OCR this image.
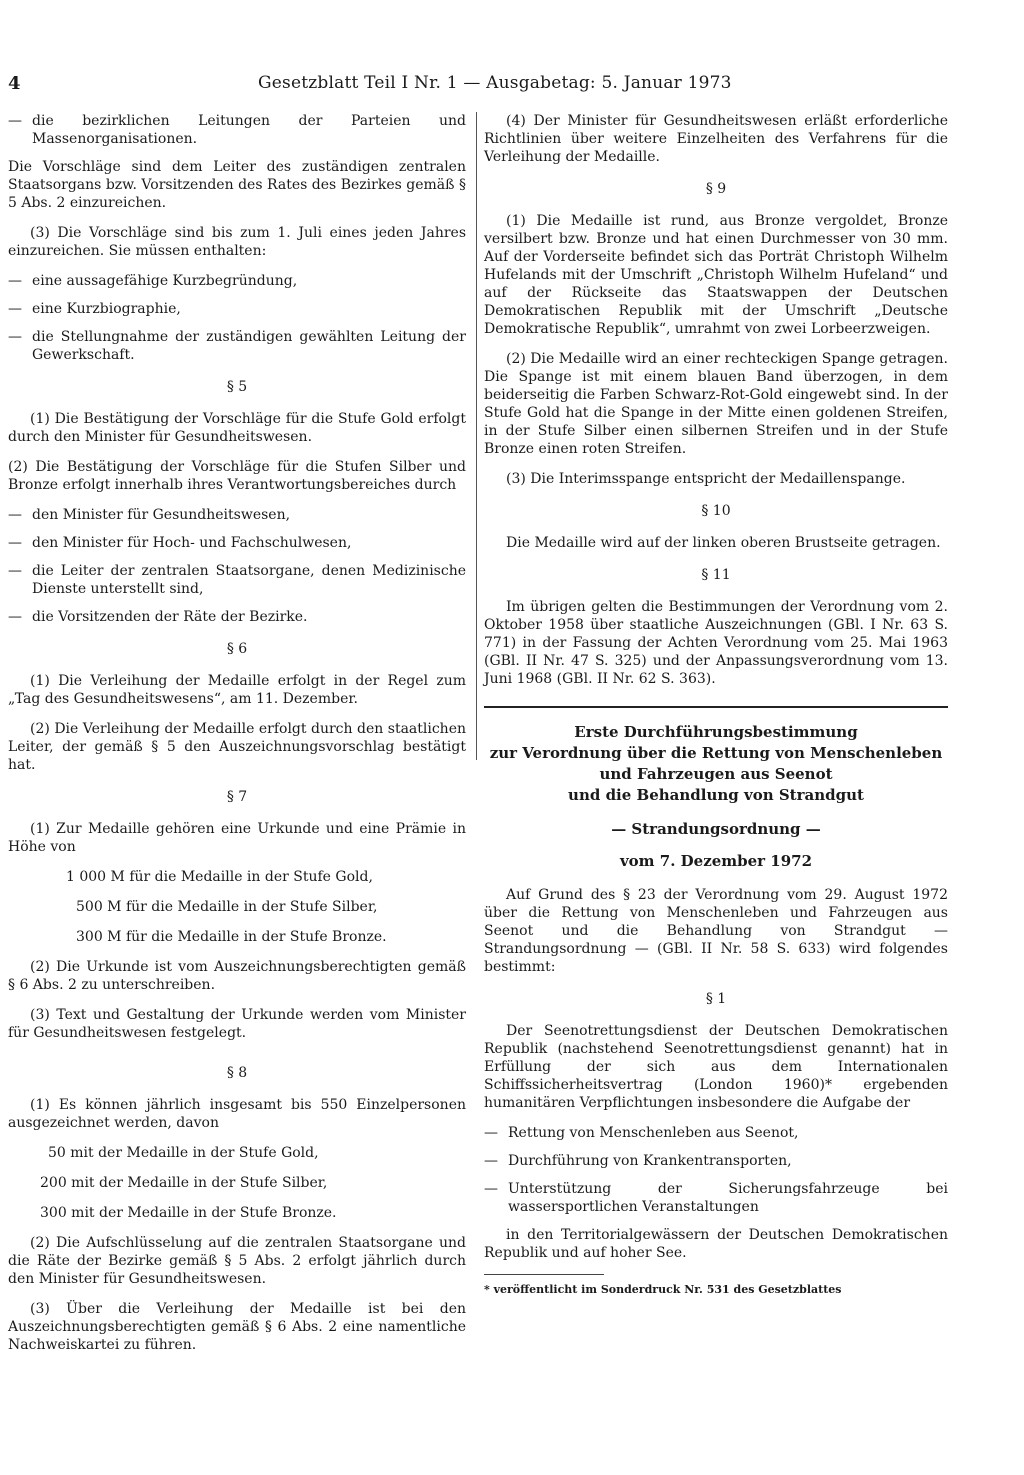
4	Gesetzblatt Teil I Nr. 1 — Ausgabetag: 5. Januar 1973
— die bezirklichen Leitungen der Parteien und Massenorganisationen.

Die Vorschläge sind dem Leiter des zuständigen zentralen Staatsorgans bzw. Vorsitzenden des Rates des Bezirkes gemäß § 5 Abs. 2 einzureichen.

(3) Die Vorschläge sind bis zum 1. Juli eines jeden Jahres einzureichen. Sie müssen enthalten:

— eine aussagefähige Kurzbegründung,
— eine Kurzbiographie,
— die Stellungnahme der zuständigen gewählten Leitung der Gewerkschaft.

§ 5

(1) Die Bestätigung der Vorschläge für die Stufe Gold erfolgt durch den Minister für Gesundheitswesen.

(2) Die Bestätigung der Vorschläge für die Stufen Silber und Bronze erfolgt innerhalb ihres Verantwortungsbereiches durch

— den Minister für Gesundheitswesen,
— den Minister für Hoch- und Fachschulwesen,
— die Leiter der zentralen Staatsorgane, denen Medizinische Dienste unterstellt sind,
— die Vorsitzenden der Räte der Bezirke.

§ 6

(1) Die Verleihung der Medaille erfolgt in der Regel zum „Tag des Gesundheitswesens“, am 11. Dezember.

(2) Die Verleihung der Medaille erfolgt durch den staatlichen Leiter, der gemäß § 5 den Auszeichnungsvorschlag bestätigt hat.

§ 7

(1) Zur Medaille gehören eine Urkunde und eine Prämie in Höhe von

1 000 M für die Medaille in der Stufe Gold,

500 M für die Medaille in der Stufe Silber,

300 M für die Medaille in der Stufe Bronze.

(2) Die Urkunde ist vom Auszeichnungsberechtigten gemäß § 6 Abs. 2 zu unterschreiben.

(3) Text und Gestaltung der Urkunde werden vom Minister für Gesundheitswesen festgelegt.

§ 8

(1) Es können jährlich insgesamt bis 550 Einzelpersonen ausgezeichnet werden, davon

50 mit der Medaille in der Stufe Gold,

200 mit der Medaille in der Stufe Silber,

300 mit der Medaille in der Stufe Bronze.

(2) Die Aufschlüsselung auf die zentralen Staatsorgane und die Räte der Bezirke gemäß § 5 Abs. 2 erfolgt jährlich durch den Minister für Gesundheitswesen.

(3) Über die Verleihung der Medaille ist bei den Auszeichnungsberechtigten gemäß § 6 Abs. 2 eine namentliche Nachweiskartei zu führen.

(4) Der Minister für Gesundheitswesen erläßt erforderliche Richtlinien über weitere Einzelheiten des Verfahrens für die Verleihung der Medaille.

§ 9

(1) Die Medaille ist rund, aus Bronze vergoldet, Bronze versilbert bzw. Bronze und hat einen Durchmesser von 30 mm. Auf der Vorderseite befindet sich das Porträt Christoph Wilhelm Hufelands mit der Umschrift „Christoph Wilhelm Hufeland“ und auf der Rückseite das Staatswappen der Deutschen Demokratischen Republik mit der Umschrift „Deutsche Demokratische Republik“, umrahmt von zwei Lorbeerzweigen.

(2) Die Medaille wird an einer rechteckigen Spange getragen. Die Spange ist mit einem blauen Band überzogen, in dem beiderseitig die Farben Schwarz-Rot-Gold eingewebt sind. In der Stufe Gold hat die Spange in der Mitte einen goldenen Streifen, in der Stufe Silber einen silbernen Streifen und in der Stufe Bronze einen roten Streifen.

(3) Die Interimsspange entspricht der Medaillenspange.

§ 10

Die Medaille wird auf der linken oberen Brustseite getragen.

§ 11

Im übrigen gelten die Bestimmungen der Verordnung vom 2. Oktober 1958 über staatliche Auszeichnungen (GBl. I Nr. 63 S. 771) in der Fassung der Achten Verordnung vom 25. Mai 1963 (GBl. II Nr. 47 S. 325) und der Anpassungsverordnung vom 13. Juni 1968 (GBl. II Nr. 62 S. 363).

Erste Durchführungsbestimmung

zur Verordnung über die Rettung von Menschenleben

und Fahrzeugen aus Seenot

und die Behandlung von Strandgut

— Strandungsordnung —

vom 7. Dezember 1972

Auf Grund des § 23 der Verordnung vom 29. August 1972 über die Rettung von Menschenleben und Fahrzeugen aus Seenot und die Behandlung von Strandgut — Strandungsordnung — (GBl. II Nr. 58 S. 633) wird folgendes bestimmt:

§ 1

Der Seenotrettungsdienst der Deutschen Demokratischen Republik (nachstehend Seenotrettungsdienst genannt) hat in Erfüllung der sich aus dem Internationalen Schiffssicherheitsvertrag (London 1960)* ergebenden humanitären Verpflichtungen insbesondere die Aufgabe der

— Rettung von Menschenleben aus Seenot,
— Durchführung von Krankentransporten,
— Unterstützung der Sicherungsfahrzeuge bei wassersportlichen Veranstaltungen

in den Territorialgewässern der Deutschen Demokratischen Republik und auf hoher See.

* veröffentlicht im Sonderdruck Nr. 531 des Gesetzblattes
